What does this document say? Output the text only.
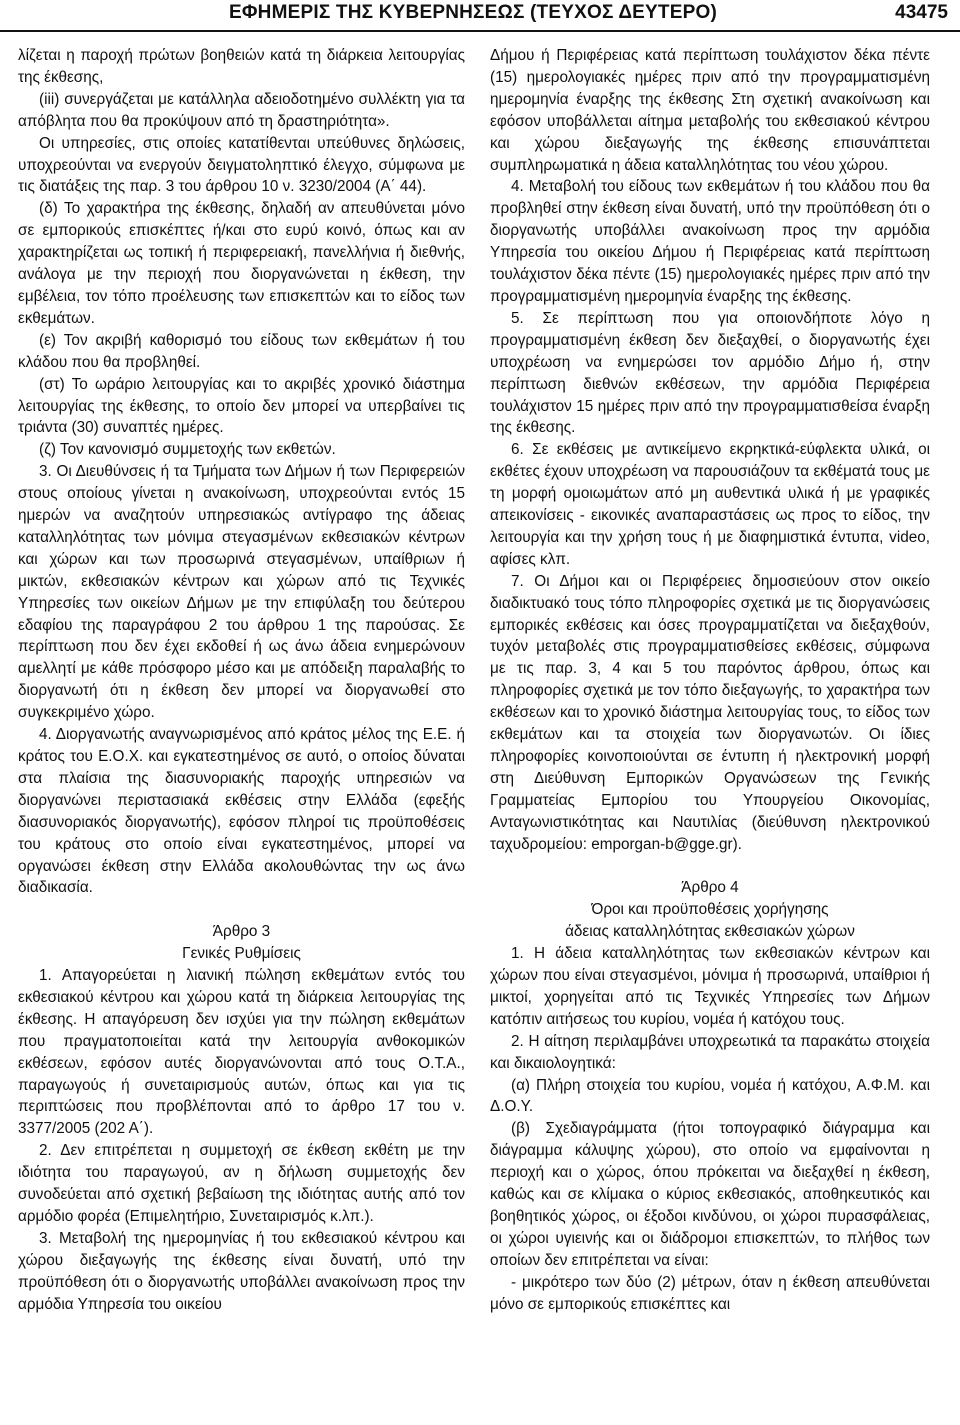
ΕΦΗΜΕΡΙΣ ΤΗΣ ΚΥΒΕΡΝΗΣΕΩΣ (ΤΕΥΧΟΣ ΔΕΥΤΕΡΟ)	43475

λίζεται η παροχή πρώτων βοηθειών κατά τη διάρκεια λειτουργίας της έκθεσης,

(iii) συνεργάζεται με κατάλληλα αδειοδοτημένο συλλέκτη για τα απόβλητα που θα προκύψουν από τη δραστηριότητα».

Οι υπηρεσίες, στις οποίες κατατίθενται υπεύθυνες δηλώσεις, υποχρεούνται να ενεργούν δειγματοληπτικό έλεγχο, σύμφωνα με τις διατάξεις της παρ. 3 του άρθρου 10 ν. 3230/2004 (Α΄ 44).

(δ) Το χαρακτήρα της έκθεσης, δηλαδή αν απευθύνεται μόνο σε εμπορικούς επισκέπτες ή/και στο ευρύ κοινό, όπως και αν χαρακτηρίζεται ως τοπική ή περιφερειακή, πανελλήνια ή διεθνής, ανάλογα με την περιοχή που διοργανώνεται η έκθεση, την εμβέλεια, τον τόπο προέλευσης των επισκεπτών και το είδος των εκθεμάτων.

(ε) Τον ακριβή καθορισμό του είδους των εκθεμάτων ή του κλάδου που θα προβληθεί.

(στ) Το ωράριο λειτουργίας και το ακριβές χρονικό διάστημα λειτουργίας της έκθεσης, το οποίο δεν μπορεί να υπερβαίνει τις τριάντα (30) συναπτές ημέρες.

(ζ) Τον κανονισμό συμμετοχής των εκθετών.

3. Οι Διευθύνσεις ή τα Τμήματα των Δήμων ή των Περιφερειών στους οποίους γίνεται η ανακοίνωση, υποχρεούνται εντός 15 ημερών να αναζητούν υπηρεσιακώς αντίγραφο της άδειας καταλληλότητας των μόνιμα στεγασμένων εκθεσιακών κέντρων και χώρων και των προσωρινά στεγασμένων, υπαίθριων ή μικτών, εκθεσιακών κέντρων και χώρων από τις Τεχνικές Υπηρεσίες των οικείων Δήμων με την επιφύλαξη του δεύτερου εδαφίου της παραγράφου 2 του άρθρου 1 της παρούσας. Σε περίπτωση που δεν έχει εκδοθεί ή ως άνω άδεια ενημερώνουν αμελλητί με κάθε πρόσφορο μέσο και με απόδειξη παραλαβής το διοργανωτή ότι η έκθεση δεν μπορεί να διοργανωθεί στο συγκεκριμένο χώρο.

4. Διοργανωτής αναγνωρισμένος από κράτος μέλος της Ε.Ε. ή κράτος του Ε.Ο.Χ. και εγκατεστημένος σε αυτό, ο οποίος δύναται στα πλαίσια της διασυνοριακής παροχής υπηρεσιών να διοργανώνει περιστασιακά εκθέσεις στην Ελλάδα (εφεξής διασυνοριακός διοργανωτής), εφόσον πληροί τις προϋποθέσεις του κράτους στο οποίο είναι εγκατεστημένος, μπορεί να οργανώσει έκθεση στην Ελλάδα ακολουθώντας την ως άνω διαδικασία.

Άρθρο 3

Γενικές Ρυθμίσεις

1. Απαγορεύεται η λιανική πώληση εκθεμάτων εντός του εκθεσιακού κέντρου και χώρου κατά τη διάρκεια λειτουργίας της έκθεσης. Η απαγόρευση δεν ισχύει για την πώληση εκθεμάτων που πραγματοποιείται κατά την λειτουργία ανθοκομικών εκθέσεων, εφόσον αυτές διοργανώνονται από τους Ο.Τ.Α., παραγωγούς ή συνεταιρισμούς αυτών, όπως και για τις περιπτώσεις που προβλέπονται από το άρθρο 17 του ν. 3377/2005 (202 Α΄).

2. Δεν επιτρέπεται η συμμετοχή σε έκθεση εκθέτη με την ιδιότητα του παραγωγού, αν η δήλωση συμμετοχής δεν συνοδεύεται από σχετική βεβαίωση της ιδιότητας αυτής από τον αρμόδιο φορέα (Επιμελητήριο, Συνεταιρισμός κ.λπ.).

3. Μεταβολή της ημερομηνίας ή του εκθεσιακού κέντρου και χώρου διεξαγωγής της έκθεσης είναι δυνατή, υπό την προϋπόθεση ότι ο διοργανωτής υποβάλλει ανακοίνωση προς την αρμόδια Υπηρεσία του οικείου

Δήμου ή Περιφέρειας κατά περίπτωση τουλάχιστον δέκα πέντε (15) ημερολογιακές ημέρες πριν από την προγραμματισμένη ημερομηνία έναρξης της έκθεσης Στη σχετική ανακοίνωση και εφόσον υποβάλλεται αίτημα μεταβολής του εκθεσιακού κέντρου και χώρου διεξαγωγής της έκθεσης επισυνάπτεται συμπληρωματικά η άδεια καταλληλότητας του νέου χώρου.

4. Μεταβολή του είδους των εκθεμάτων ή του κλάδου που θα προβληθεί στην έκθεση είναι δυνατή, υπό την προϋπόθεση ότι ο διοργανωτής υποβάλλει ανακοίνωση προς την αρμόδια Υπηρεσία του οικείου Δήμου ή Περιφέρειας κατά περίπτωση τουλάχιστον δέκα πέντε (15) ημερολογιακές ημέρες πριν από την προγραμματισμένη ημερομηνία έναρξης της έκθεσης.

5. Σε περίπτωση που για οποιονδήποτε λόγο η προγραμματισμένη έκθεση δεν διεξαχθεί, ο διοργανωτής έχει υποχρέωση να ενημερώσει τον αρμόδιο Δήμο ή, στην περίπτωση διεθνών εκθέσεων, την αρμόδια Περιφέρεια τουλάχιστον 15 ημέρες πριν από την προγραμματισθείσα έναρξη της έκθεσης.

6. Σε εκθέσεις με αντικείμενο εκρηκτικά-εύφλεκτα υλικά, οι εκθέτες έχουν υποχρέωση να παρουσιάζουν τα εκθέματά τους με τη μορφή ομοιωμάτων από μη αυθεντικά υλικά ή με γραφικές απεικονίσεις - εικονικές αναπαραστάσεις ως προς το είδος, την λειτουργία και την χρήση τους ή με διαφημιστικά έντυπα, video, αφίσες κλπ.

7. Οι Δήμοι και οι Περιφέρειες δημοσιεύουν στον οικείο διαδικτυακό τους τόπο πληροφορίες σχετικά με τις διοργανώσεις εμπορικές εκθέσεις και όσες προγραμματίζεται να διεξαχθούν, τυχόν μεταβολές στις προγραμματισθείσες εκθέσεις, σύμφωνα με τις παρ. 3, 4 και 5 του παρόντος άρθρου, όπως και πληροφορίες σχετικά με τον τόπο διεξαγωγής, το χαρακτήρα των εκθέσεων και το χρονικό διάστημα λειτουργίας τους, το είδος των εκθεμάτων και τα στοιχεία των διοργανωτών. Οι ίδιες πληροφορίες κοινοποιούνται σε έντυπη ή ηλεκτρονική μορφή στη Διεύθυνση Εμπορικών Οργανώσεων της Γενικής Γραμματείας Εμπορίου του Υπουργείου Οικονομίας, Ανταγωνιστικότητας και Ναυτιλίας (διεύθυνση ηλεκτρονικού ταχυδρομείου: emporgan-b@gge.gr).

Άρθρο 4

Όροι και προϋποθέσεις χορήγησης

άδειας καταλληλότητας εκθεσιακών χώρων

1. Η άδεια καταλληλότητας των εκθεσιακών κέντρων και χώρων που είναι στεγασμένοι, μόνιμα ή προσωρινά, υπαίθριοι ή μικτοί, χορηγείται από τις Τεχνικές Υπηρεσίες των Δήμων κατόπιν αιτήσεως του κυρίου, νομέα ή κατόχου τους.

2. Η αίτηση περιλαμβάνει υποχρεωτικά τα παρακάτω στοιχεία και δικαιολογητικά:

(α) Πλήρη στοιχεία του κυρίου, νομέα ή κατόχου, Α.Φ.Μ. και Δ.Ο.Υ.

(β) Σχεδιαγράμματα (ήτοι τοπογραφικό διάγραμμα και διάγραμμα κάλυψης χώρου), στο οποίο να εμφαίνονται η περιοχή και ο χώρος, όπου πρόκειται να διεξαχθεί η έκθεση, καθώς και σε κλίμακα ο κύριος εκθεσιακός, αποθηκευτικός και βοηθητικός χώρος, οι έξοδοι κινδύνου, οι χώροι πυρασφάλειας, οι χώροι υγιεινής και οι διάδρομοι επισκεπτών, το πλήθος των οποίων δεν επιτρέπεται να είναι:

- μικρότερο των δύο (2) μέτρων, όταν η έκθεση απευθύνεται μόνο σε εμπορικούς επισκέπτες και
